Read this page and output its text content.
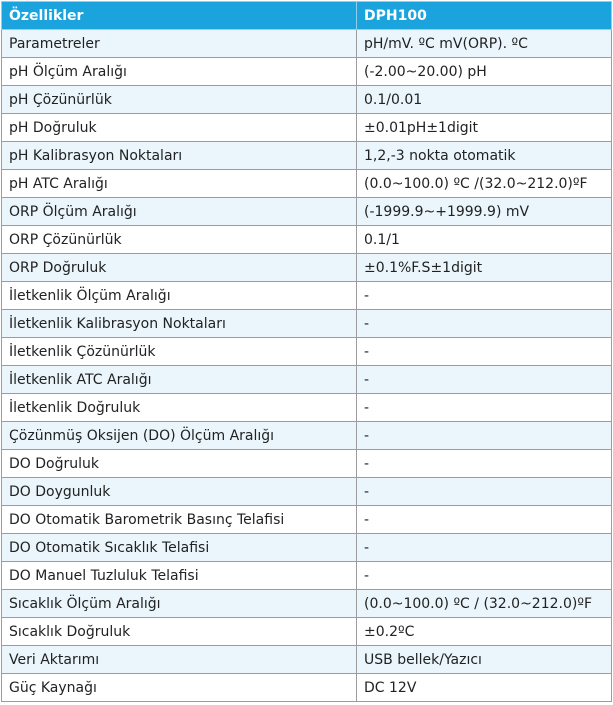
Özellikler	DPH100
Parametreler	pH/mV. ºC mV(ORP). ºC
pH Ölçüm Aralığı	(-2.00~20.00) pH
pH Çözünürlük	0.1/0.01
pH Doğruluk	±0.01pH±1digit
pH Kalibrasyon Noktaları	1,2,-3 nokta otomatik
pH ATC Aralığı	(0.0~100.0) ºC /(32.0~212.0)ºF
ORP Ölçüm Aralığı	(-1999.9~+1999.9) mV
ORP Çözünürlük	0.1/1
ORP Doğruluk	±0.1%F.S±1digit
İletkenlik Ölçüm Aralığı	-
İletkenlik Kalibrasyon Noktaları	-
İletkenlik Çözünürlük	-
İletkenlik ATC Aralığı	-
İletkenlik Doğruluk	-
Çözünmüş Oksijen (DO) Ölçüm Aralığı	-
DO Doğruluk	-
DO Doygunluk	-
DO Otomatik Barometrik Basınç Telafisi	-
DO Otomatik Sıcaklık Telafisi	-
DO Manuel Tuzluluk Telafisi	-
Sıcaklık Ölçüm Aralığı	(0.0~100.0) ºC / (32.0~212.0)ºF
Sıcaklık Doğruluk	±0.2ºC
Veri Aktarımı	USB bellek/Yazıcı
Güç Kaynağı	DC 12V
